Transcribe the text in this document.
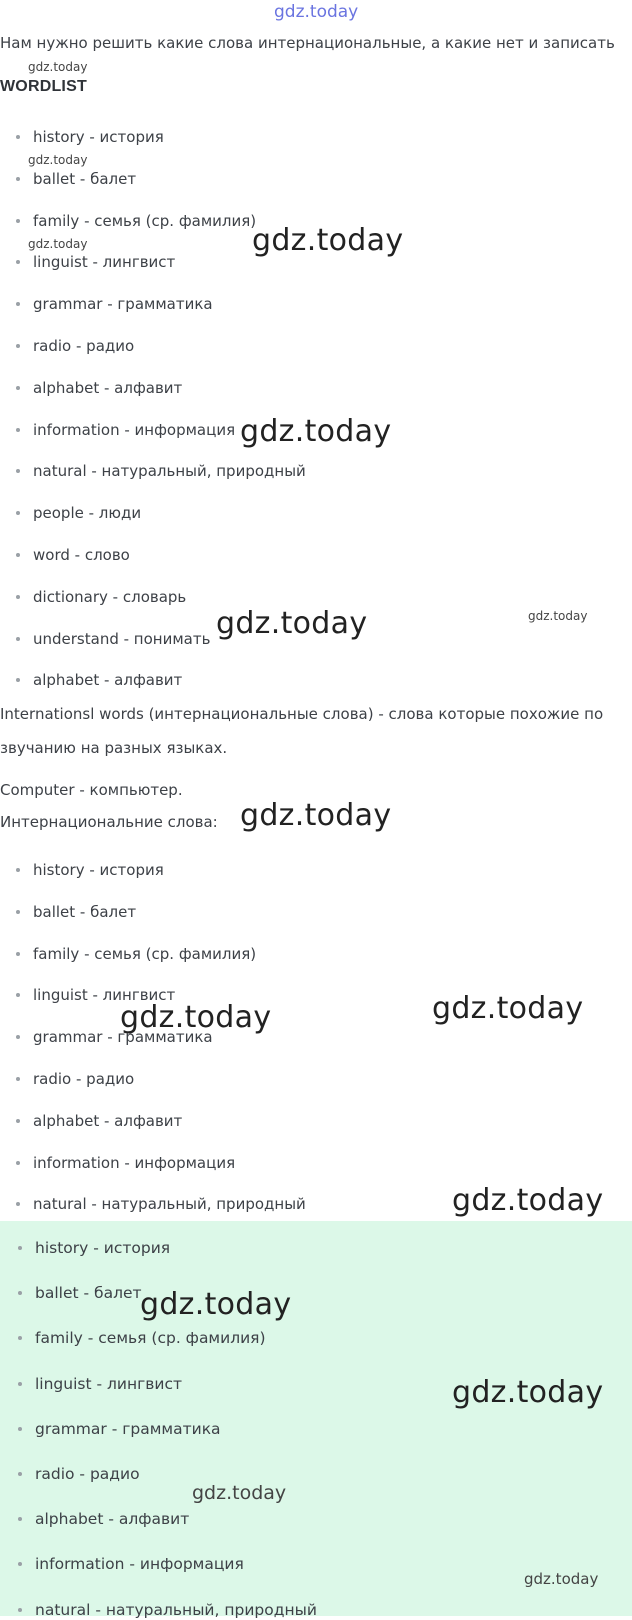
gdz.today
Нам нужно решить какие слова интернациональные, а какие нет и записать
gdz.today
WORDLIST
history - история
ballet - балет
family - семья (ср. фамилия)
linguist - лингвист
grammar - грамматика
radio - радио
alphabet - алфавит
information - информация
natural - натуральный, природный
people - люди
word - слово
dictionary - словарь
understand - понимать
alphabet - алфавит
gdz.today
gdz.today	gdz.today
gdz.today
gdz.today	gdz.today
Internationsl words (интернациональные слова) - слова которые похожие по
звучанию на разных языках.
Computer - компьютер.
Интернациональние слова: gdz.today
history - история
ballet - балет
family - семья (ср. фамилия)
linguist - лингвист
grammar - грамматика
radio - радио
alphabet - алфавит
information - информация
natural - натуральный, природный
gdz.today	gdz.today
gdz.today
history - история
ballet - балет
family - семья (ср. фамилия)
linguist - лингвист
grammar - грамматика
radio - радио
alphabet - алфавит
information - информация
natural - натуральный, природный
gdz.today
gdz.today
gdz.today
gdz.today
